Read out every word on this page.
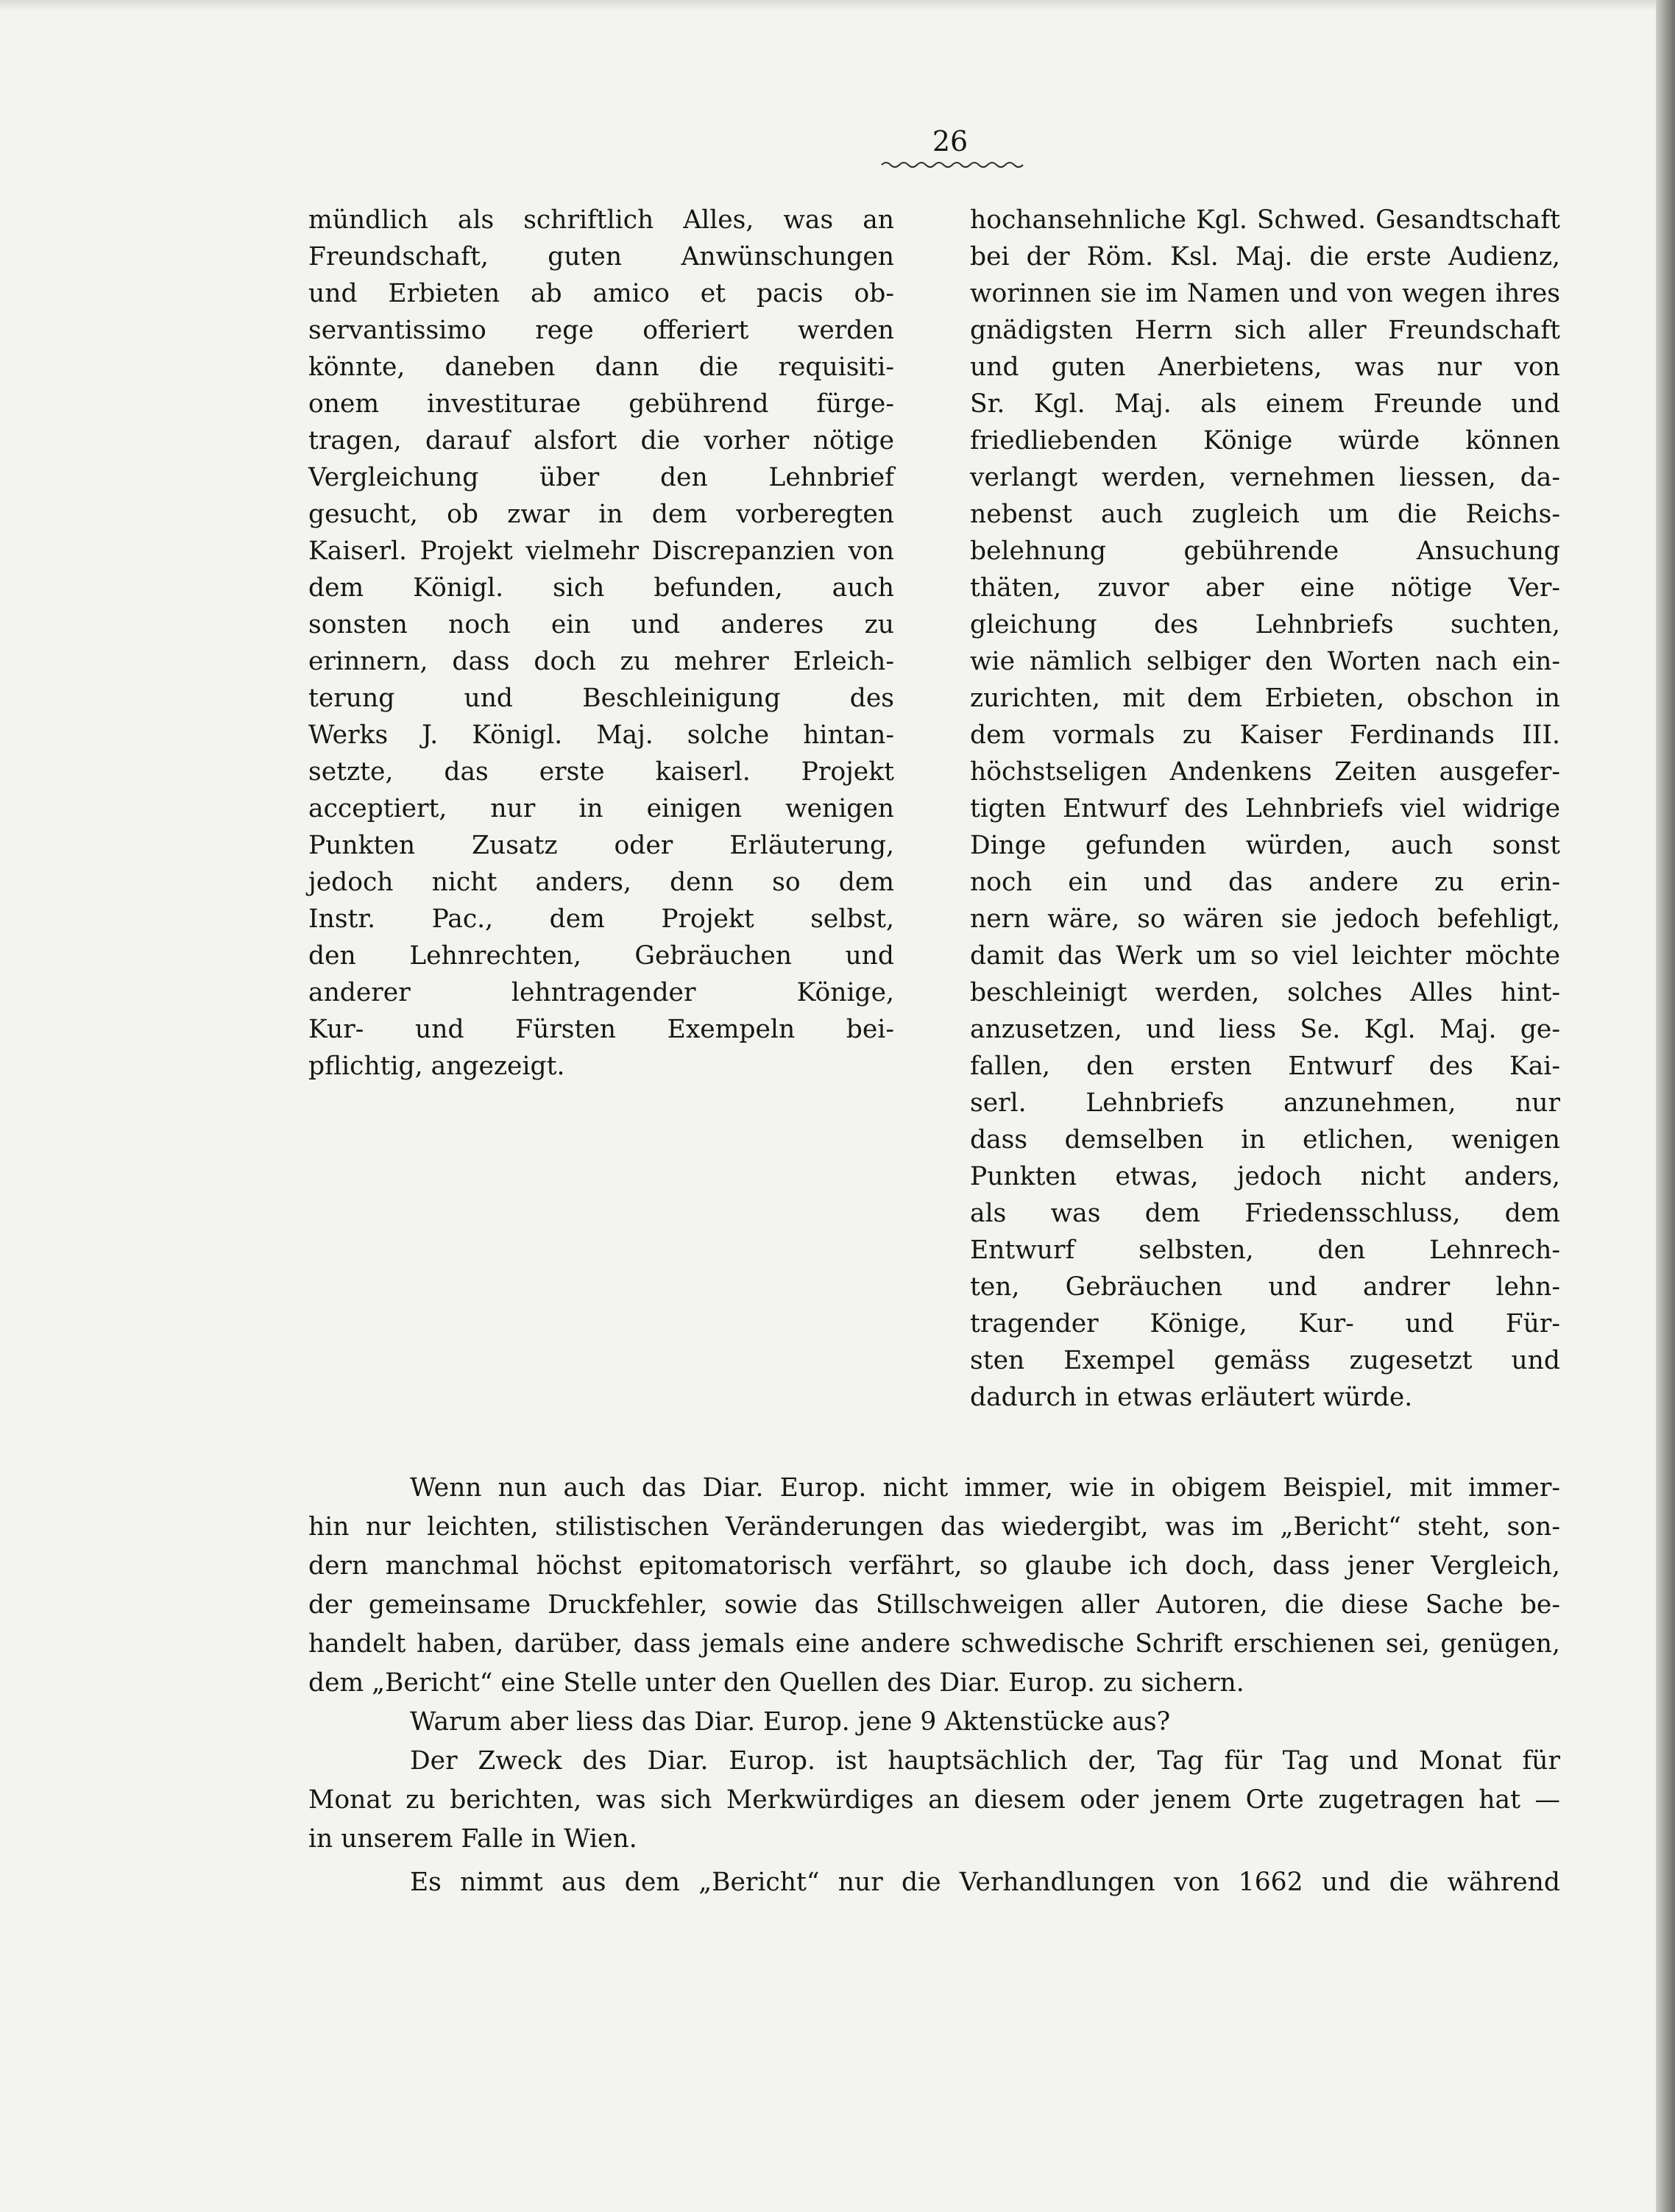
26
mündlich als schriftlich Alles, was an
Freundschaft, guten Anwünschungen
und Erbieten ab amico et pacis ob-
servantissimo rege offeriert werden
könnte, daneben dann die requisiti-
onem investiturae gebührend fürge-
tragen, darauf alsfort die vorher nötige
Vergleichung über den Lehnbrief
gesucht, ob zwar in dem vorberegten
Kaiserl. Projekt vielmehr Discrepanzien von
dem Königl. sich befunden, auch
sonsten noch ein und anderes zu
erinnern, dass doch zu mehrer Erleich-
terung und Beschleinigung des
Werks J. Königl. Maj. solche hintan-
setzte, das erste kaiserl. Projekt
acceptiert, nur in einigen wenigen
Punkten Zusatz oder Erläuterung,
jedoch nicht anders, denn so dem
Instr. Pac., dem Projekt selbst,
den Lehnrechten, Gebräuchen und
anderer lehntragender Könige,
Kur- und Fürsten Exempeln bei-
pflichtig, angezeigt.
hochansehnliche Kgl. Schwed. Gesandtschaft
bei der Röm. Ksl. Maj. die erste Audienz,
worinnen sie im Namen und von wegen ihres
gnädigsten Herrn sich aller Freundschaft
und guten Anerbietens, was nur von
Sr. Kgl. Maj. als einem Freunde und
friedliebenden Könige würde können
verlangt werden, vernehmen liessen, da-
nebenst auch zugleich um die Reichs-
belehnung gebührende Ansuchung
thäten, zuvor aber eine nötige Ver-
gleichung des Lehnbriefs suchten,
wie nämlich selbiger den Worten nach ein-
zurichten, mit dem Erbieten, obschon in
dem vormals zu Kaiser Ferdinands III.
höchstseligen Andenkens Zeiten ausgefer-
tigten Entwurf des Lehnbriefs viel widrige
Dinge gefunden würden, auch sonst
noch ein und das andere zu erin-
nern wäre, so wären sie jedoch befehligt,
damit das Werk um so viel leichter möchte
beschleinigt werden, solches Alles hint-
anzusetzen, und liess Se. Kgl. Maj. ge-
fallen, den ersten Entwurf des Kai-
serl. Lehnbriefs anzunehmen, nur
dass demselben in etlichen, wenigen
Punkten etwas, jedoch nicht anders,
als was dem Friedensschluss, dem
Entwurf selbsten, den Lehnrech-
ten, Gebräuchen und andrer lehn-
tragender Könige, Kur- und Für-
sten Exempel gemäss zugesetzt und
dadurch in etwas erläutert würde.
Wenn nun auch das Diar. Europ. nicht immer, wie in obigem Beispiel, mit immer-
hin nur leichten, stilistischen Veränderungen das wiedergibt, was im „Bericht“ steht, son-
dern manchmal höchst epitomatorisch verfährt, so glaube ich doch, dass jener Vergleich,
der gemeinsame Druckfehler, sowie das Stillschweigen aller Autoren, die diese Sache be-
handelt haben, darüber, dass jemals eine andere schwedische Schrift erschienen sei, genügen,
dem „Bericht“ eine Stelle unter den Quellen des Diar. Europ. zu sichern.
Warum aber liess das Diar. Europ. jene 9 Aktenstücke aus?
Der Zweck des Diar. Europ. ist hauptsächlich der, Tag für Tag und Monat für
Monat zu berichten, was sich Merkwürdiges an diesem oder jenem Orte zugetragen hat —
in unserem Falle in Wien.
Es nimmt aus dem „Bericht“ nur die Verhandlungen von 1662 und die während
